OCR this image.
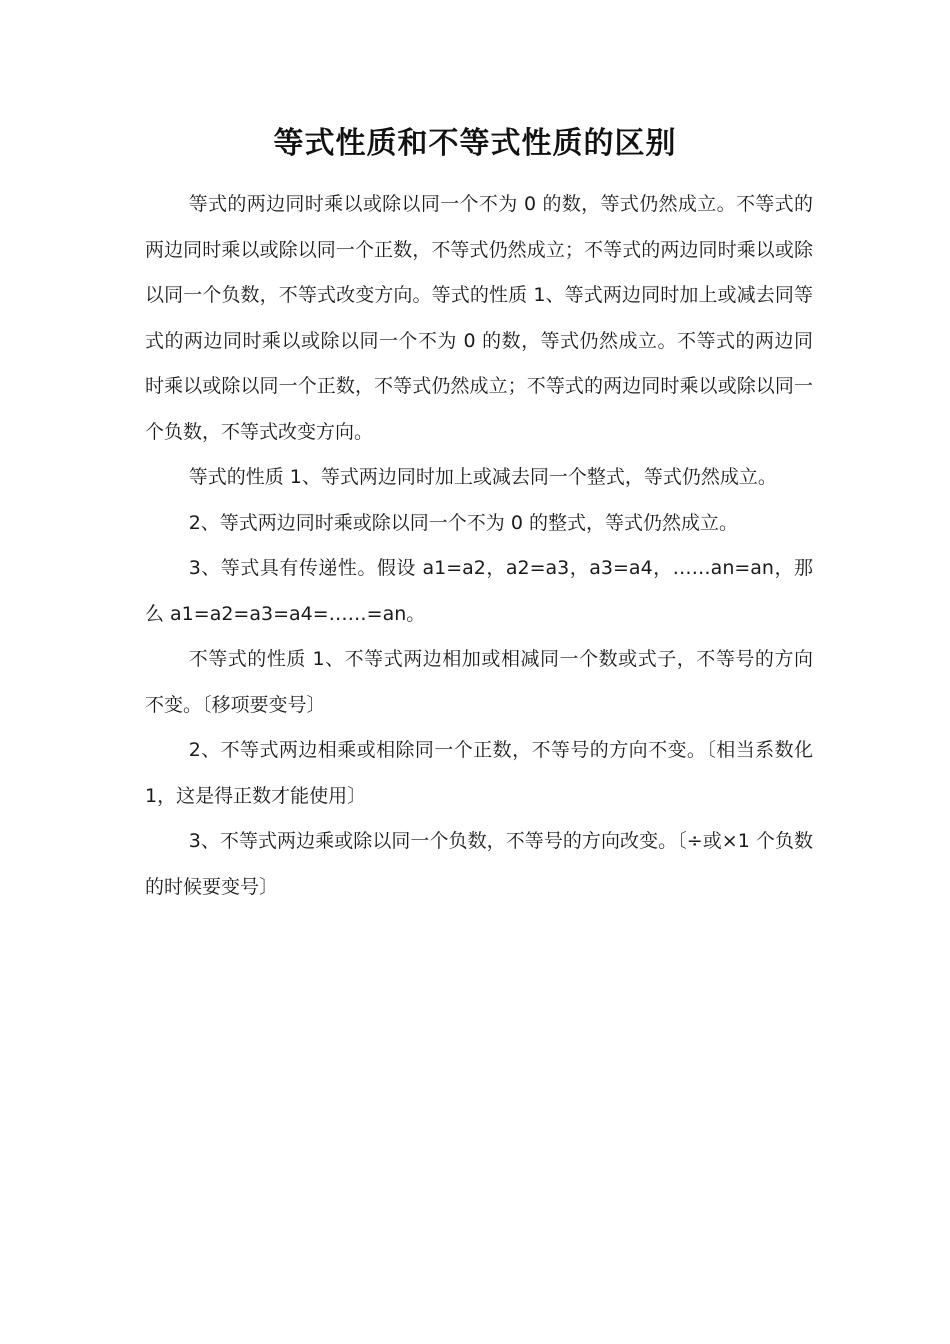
等式性质和不等式性质的区别

等式的两边同时乘以或除以同一个不为 0 的数，等式仍然成立。不等式的两边同时乘以或除以同一个正数，不等式仍然成立；不等式的两边同时乘以或除以同一个负数，不等式改变方向。等式的性质 1、等式两边同时加上或减去同等式的两边同时乘以或除以同一个不为 0 的数，等式仍然成立。不等式的两边同时乘以或除以同一个正数，不等式仍然成立；不等式的两边同时乘以或除以同一个负数，不等式改变方向。

等式的性质 1、等式两边同时加上或减去同一个整式，等式仍然成立。

2、等式两边同时乘或除以同一个不为 0 的整式，等式仍然成立。

3、等式具有传递性。假设 a1=a2，a2=a3，a3=a4，……an=an，那么 a1=a2=a3=a4=……=an。

不等式的性质 1、不等式两边相加或相减同一个数或式子，不等号的方向不变。〔移项要变号〕

2、不等式两边相乘或相除同一个正数，不等号的方向不变。〔相当系数化 1，这是得正数才能使用〕

3、不等式两边乘或除以同一个负数，不等号的方向改变。〔÷或×1 个负数的时候要变号〕
